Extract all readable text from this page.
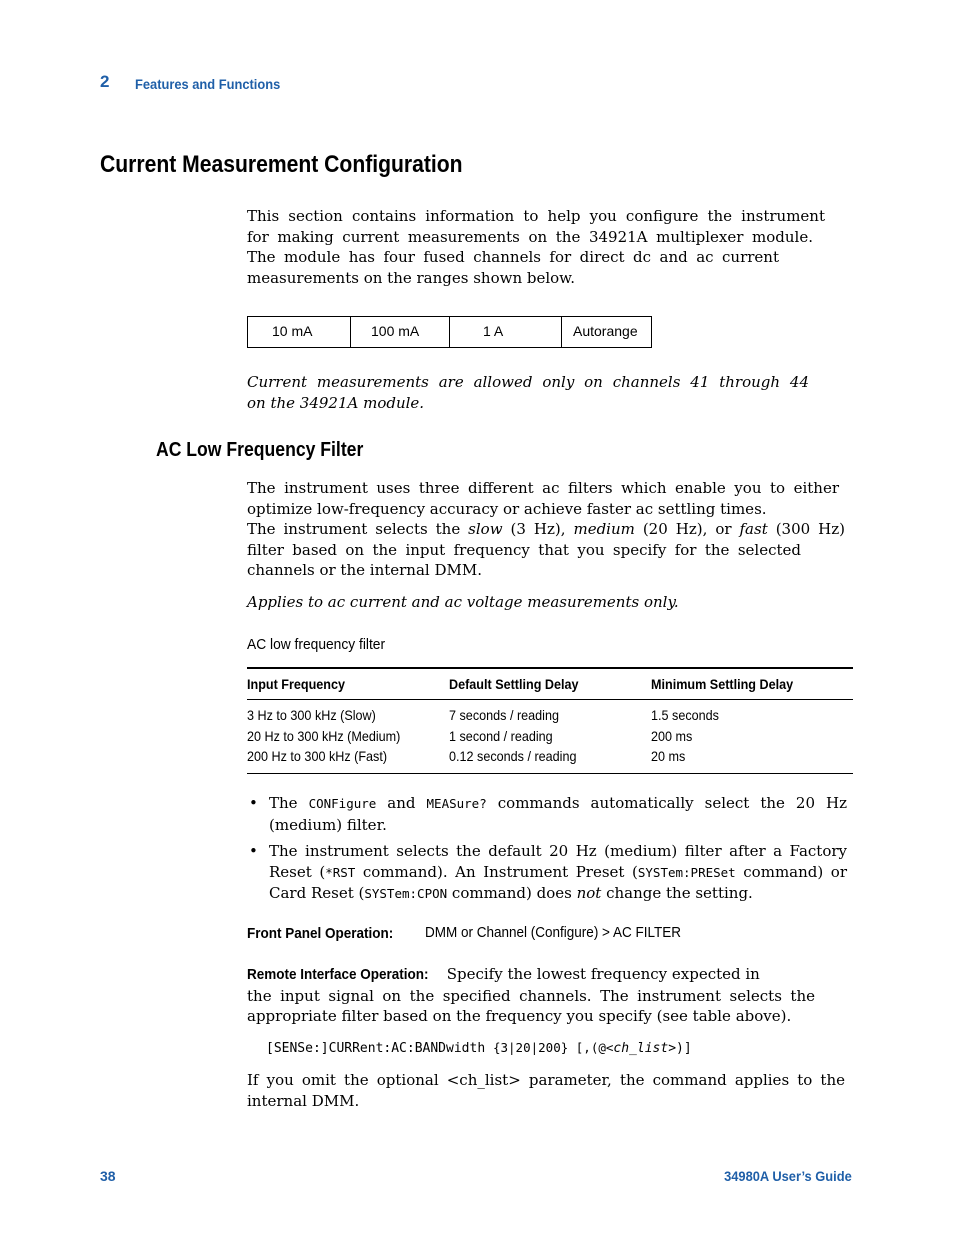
2 Features and Functions
Current Measurement Configuration
This section contains information to help you configure the instrument
for making current measurements on the 34921A multiplexer module.
The module has four fused channels for direct dc and ac current
measurements on the ranges shown below.
10 mA	100 mA	1 A	Autorange
Current measurements are allowed only on channels 41 through 44
on the 34921A module.
AC Low Frequency Filter
The instrument uses three different ac filters which enable you to either
optimize low-frequency accuracy or achieve faster ac settling times.
The instrument selects the slow (3 Hz), medium (20 Hz), or fast (300 Hz)
filter based on the input frequency that you specify for the selected
channels or the internal DMM.
Applies to ac current and ac voltage measurements only.
AC low frequency filter
Input Frequency	Default Settling Delay	Minimum Settling Delay
3 Hz to 300 kHz (Slow)	7 seconds / reading	1.5 seconds
20 Hz to 300 kHz (Medium)	1 second / reading	200 ms
200 Hz to 300 kHz (Fast)	0.12 seconds / reading	20 ms
• The CONFigure and MEASure? commands automatically select the 20 Hz
(medium) filter.
• The instrument selects the default 20 Hz (medium) filter after a Factory
Reset (*RST command). An Instrument Preset (SYSTem:PRESet command) or
Card Reset (SYSTem:CPON command) does not change the setting.
Front Panel Operation:	DMM or Channel (Configure) > AC FILTER
Remote Interface Operation: Specify the lowest frequency expected in
the input signal on the specified channels. The instrument selects the
appropriate filter based on the frequency you specify (see table above).
[SENSe:]CURRent:AC:BANDwidth {3|20|200} [,(@<ch_list>)]
If you omit the optional <ch_list> parameter, the command applies to the
internal DMM.
38	34980A User’s Guide
